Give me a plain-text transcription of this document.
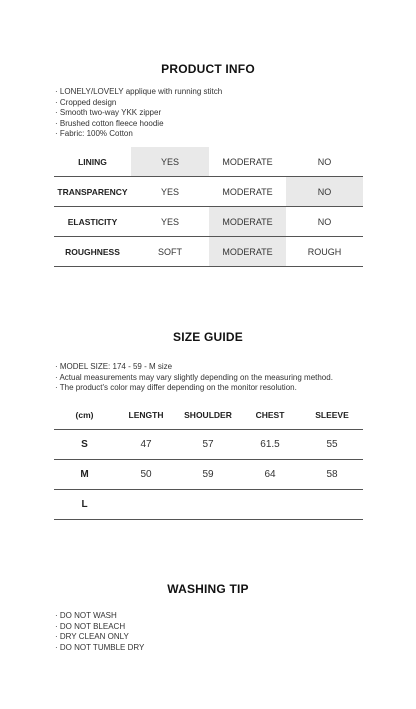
PRODUCT INFO
· LONELY/LOVELY applique with running stitch
· Cropped design
· Smooth two-way YKK zipper
· Brushed cotton fleece hoodie
· Fabric: 100% Cotton
LINING	YES	MODERATE	NO
TRANSPARENCY	YES	MODERATE	NO
ELASTICITY	YES	MODERATE	NO
ROUGHNESS	SOFT	MODERATE	ROUGH
SIZE GUIDE
· MODEL SIZE: 174 - 59 - M size
· Actual measurements may vary slightly depending on the measuring method.
· The product's color may differ depending on the monitor resolution.
(cm)	LENGTH	SHOULDER	CHEST	SLEEVE
S	47	57	61.5	55
M	50	59	64	58
L				
WASHING TIP
· DO NOT WASH
· DO NOT BLEACH
· DRY CLEAN ONLY
· DO NOT TUMBLE DRY
